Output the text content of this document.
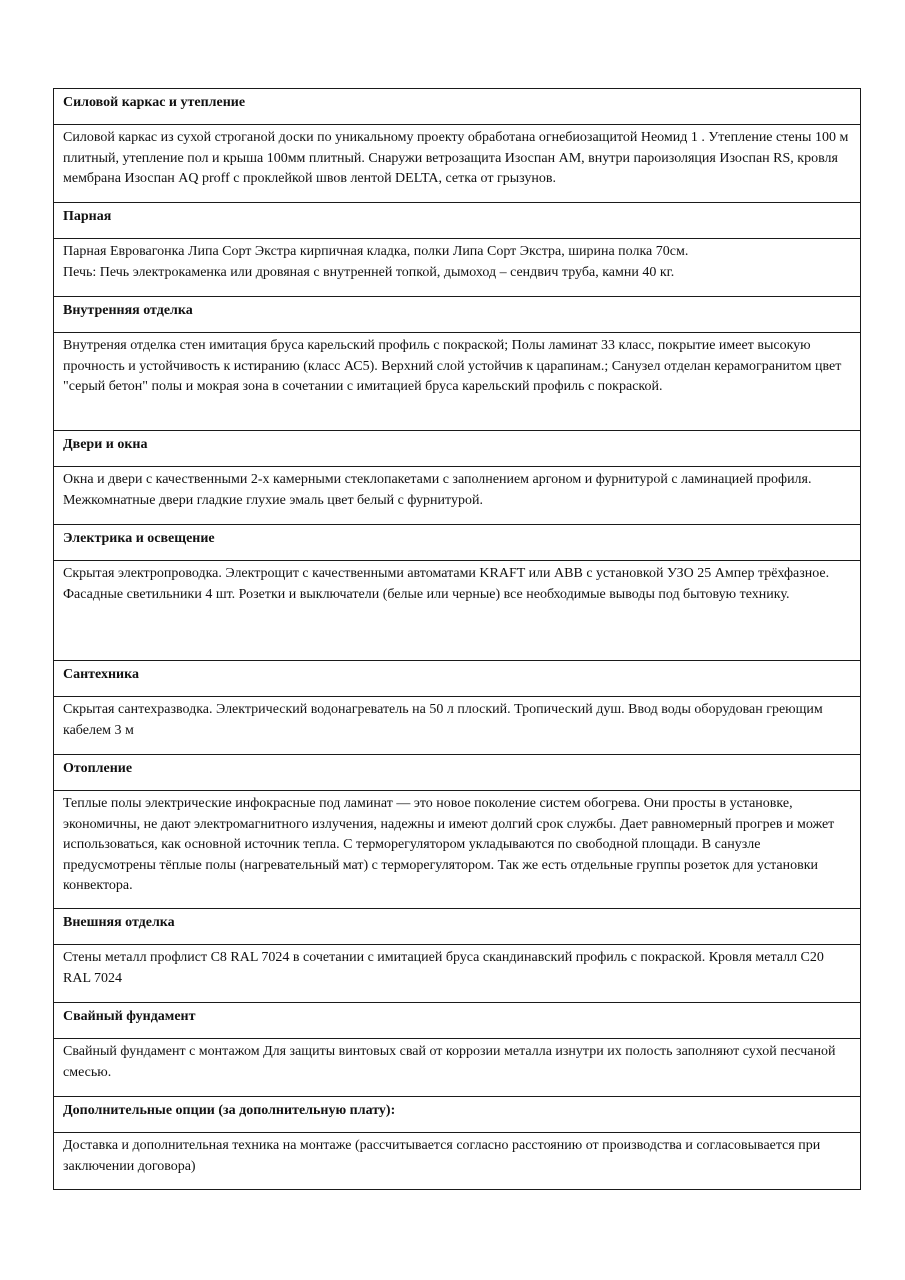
Силовой каркас и утепление
Силовой каркас из сухой строганой доски по уникальному проекту обработана огнебиозащитой Неомид 1 . Утепление стены 100 м плитный, утепление пол и крыша 100мм плитный. Снаружи ветрозащита Изоспан АМ, внутри пароизоляция Изоспан RS, кровля мембрана Изоспан AQ proff с проклейкой швов лентой DELTA, сетка от грызунов.
Парная
Парная Евровагонка Липа Сорт Экстра кирпичная кладка, полки Липа Сорт Экстра, ширина полка 70см.
Печь: Печь электрокаменка или дровяная с внутренней топкой, дымоход – сендвич труба, камни 40 кг.
Внутренняя отделка
Внутреняя отделка стен имитация бруса карельский профиль с покраской; Полы ламинат 33 класс, покрытие имеет высокую прочность и устойчивость к истиранию (класс АС5). Верхний слой устойчив к царапинам.; Санузел отделан керамогранитом цвет "серый бетон" полы и мокрая зона в сочетании с имитацией бруса карельский профиль с покраской.
Двери и окна
Окна и двери с качественными 2-х камерными стеклопакетами с заполнением аргоном и фурнитурой с ламинацией профиля. Межкомнатные двери гладкие глухие эмаль цвет белый с фурнитурой.
Электрика и освещение
Скрытая электропроводка. Электрощит с качественными автоматами KRAFT или ABB с установкой УЗО 25 Ампер трёхфазное.
Фасадные светильники 4 шт. Розетки и выключатели (белые или черные) все необходимые выводы под бытовую технику.
Сантехника
Скрытая сантехразводка. Электрический водонагреватель на 50 л плоский. Тропический душ. Ввод воды оборудован греющим кабелем 3 м
Отопление
Теплые полы электрические инфокрасные под ламинат — это новое поколение систем обогрева. Они просты в установке, экономичны, не дают электромагнитного излучения, надежны и имеют долгий срок службы. Дает равномерный прогрев и может использоваться, как основной источник тепла. С терморегулятором укладываются по свободной площади. В санузле предусмотрены тёплые полы (нагревательный мат) с терморегулятором. Так же есть отдельные группы розеток для установки конвектора.
Внешняя отделка
Стены металл профлист С8 RAL 7024 в сочетании с имитацией бруса скандинавский профиль с покраской. Кровля металл С20 RAL 7024
Свайный фундамент
Свайный фундамент с монтажом Для защиты винтовых свай от коррозии металла изнутри их полость заполняют сухой песчаной смесью.
Дополнительные опции (за дополнительную плату):
Доставка и дополнительная техника на монтаже (рассчитывается согласно расстоянию от производства и согласовывается при заключении договора)
